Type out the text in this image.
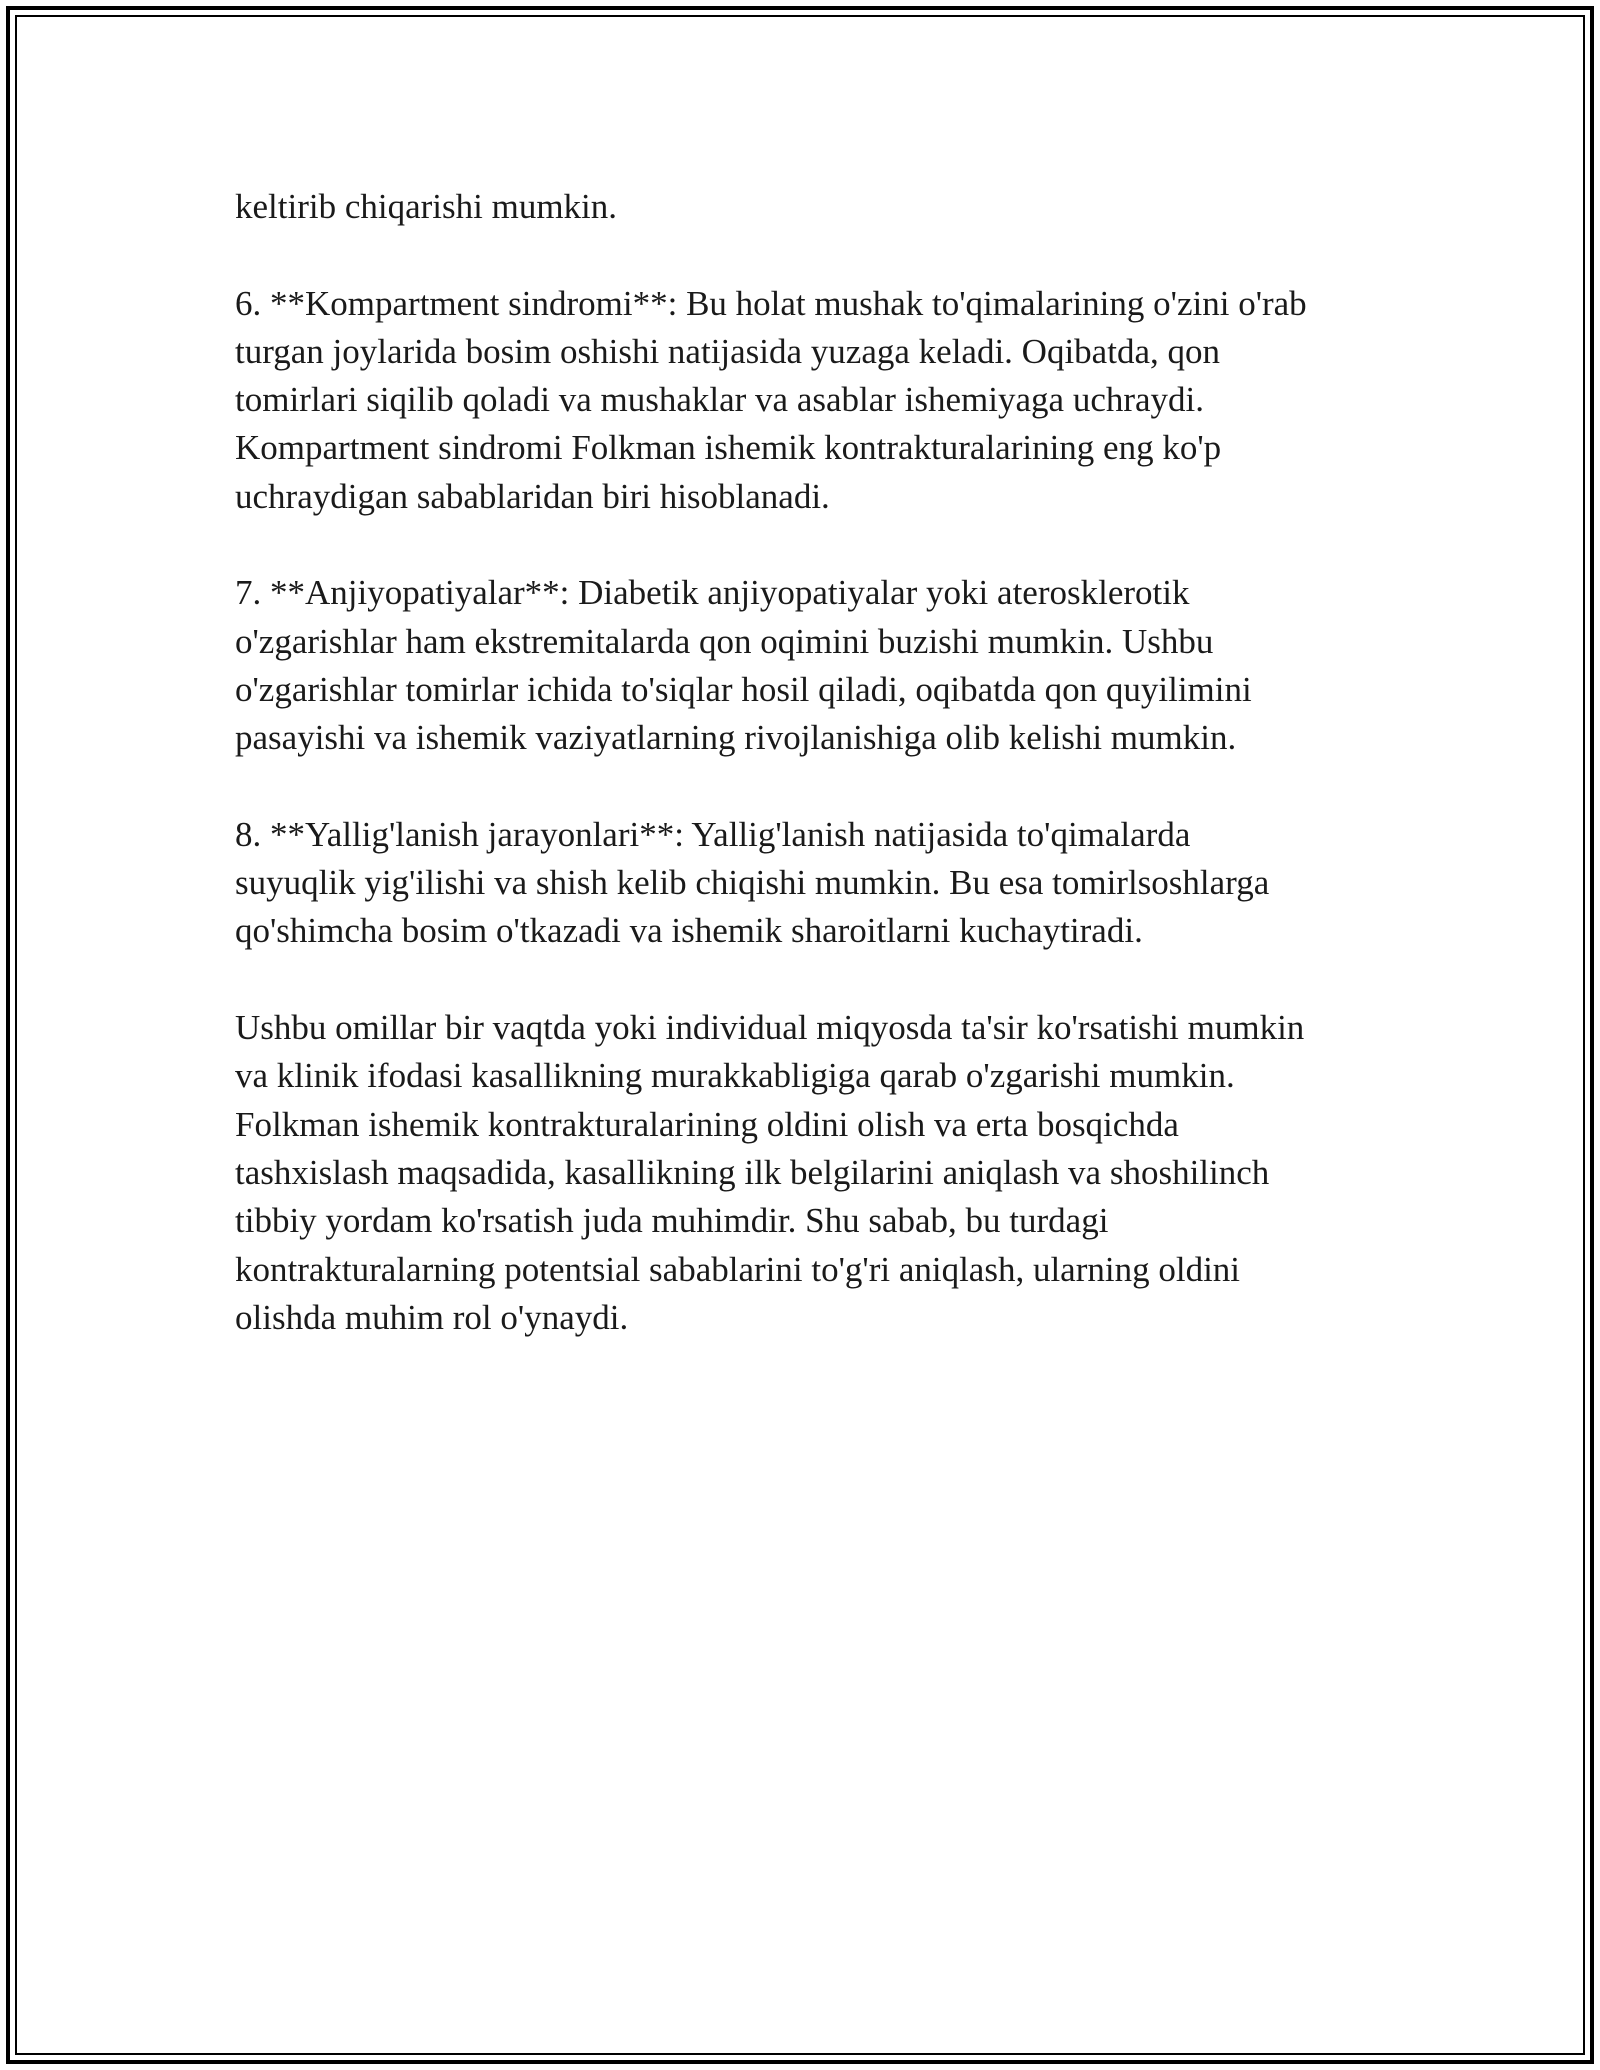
keltirib chiqarishi mumkin.

6. **Kompartment sindromi**: Bu holat mushak to'qimalarining o'zini o'rab
turgan joylarida bosim oshishi natijasida yuzaga keladi. Oqibatda, qon
tomirlari siqilib qoladi va mushaklar va asablar ishemiyaga uchraydi.
Kompartment sindromi Folkman ishemik kontrakturalarining eng ko'p
uchraydigan sabablaridan biri hisoblanadi.

7. **Anjiyopatiyalar**: Diabetik anjiyopatiyalar yoki aterosklerotik
o'zgarishlar ham ekstremitalarda qon oqimini buzishi mumkin. Ushbu
o'zgarishlar tomirlar ichida to'siqlar hosil qiladi, oqibatda qon quyilimini
pasayishi va ishemik vaziyatlarning rivojlanishiga olib kelishi mumkin.

8. **Yallig'lanish jarayonlari**: Yallig'lanish natijasida to'qimalarda
suyuqlik yig'ilishi va shish kelib chiqishi mumkin. Bu esa tomirlsoshlarga
qo'shimcha bosim o'tkazadi va ishemik sharoitlarni kuchaytiradi.

Ushbu omillar bir vaqtda yoki individual miqyosda ta'sir ko'rsatishi mumkin
va klinik ifodasi kasallikning murakkabligiga qarab o'zgarishi mumkin.
Folkman ishemik kontrakturalarining oldini olish va erta bosqichda
tashxislash maqsadida, kasallikning ilk belgilarini aniqlash va shoshilinch
tibbiy yordam ko'rsatish juda muhimdir. Shu sabab, bu turdagi
kontrakturalarning potentsial sabablarini to'g'ri aniqlash, ularning oldini
olishda muhim rol o'ynaydi.
